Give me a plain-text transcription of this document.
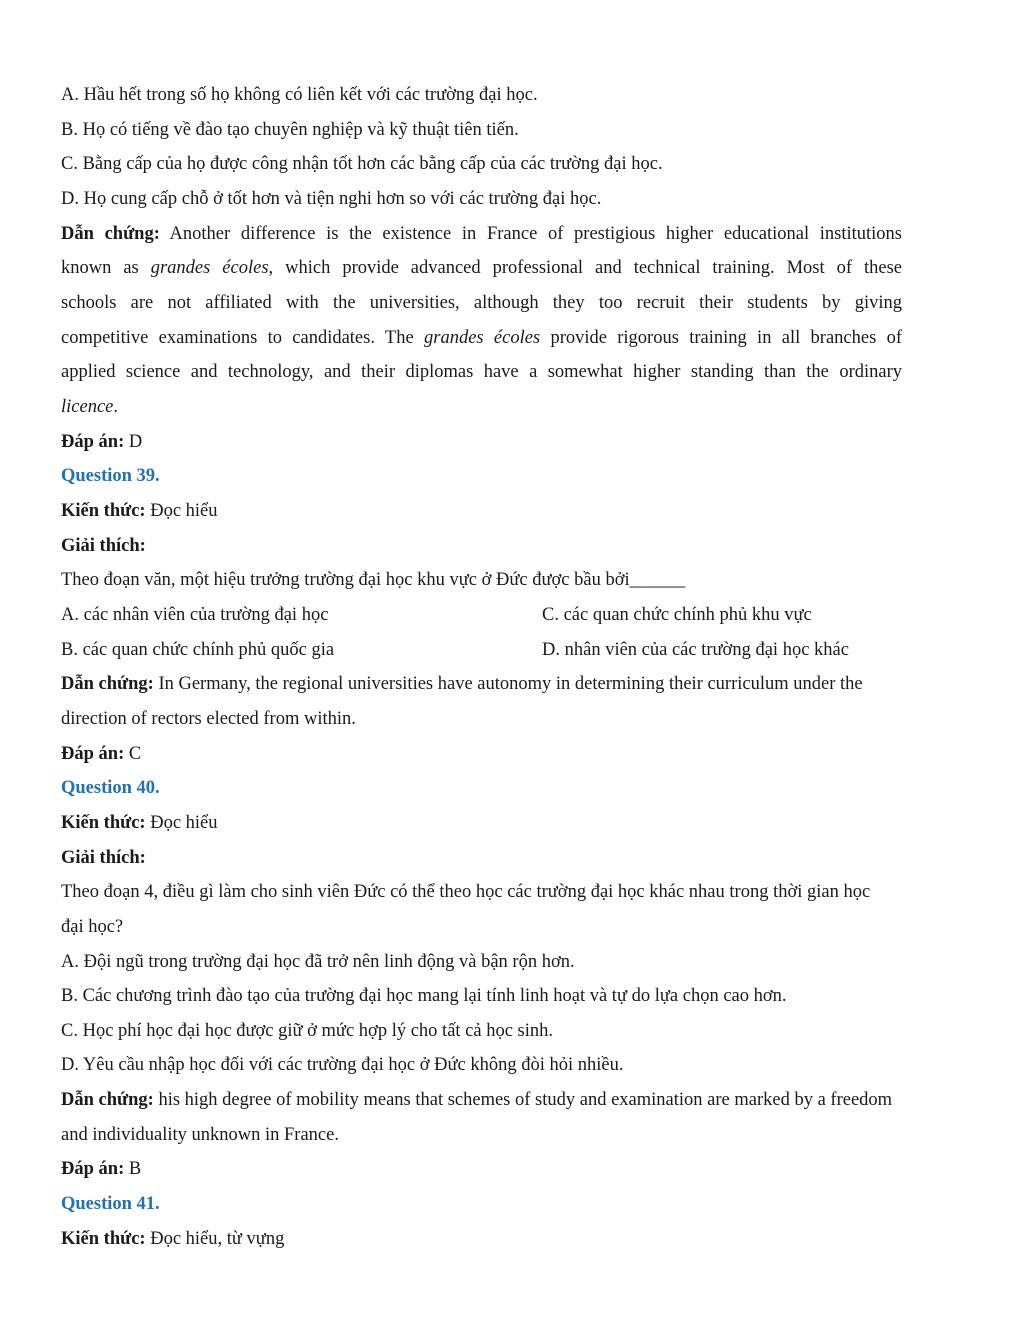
A. Hầu hết trong số họ không có liên kết với các trường đại học.
B. Họ có tiếng về đào tạo chuyên nghiệp và kỹ thuật tiên tiến.
C. Bằng cấp của họ được công nhận tốt hơn các bằng cấp của các trường đại học.
D. Họ cung cấp chỗ ở tốt hơn và tiện nghi hơn so với các trường đại học.
Dẫn chứng: Another difference is the existence in France of prestigious higher educational institutions
known as grandes écoles, which provide advanced professional and technical training. Most of these
schools are not affiliated with the universities, although they too recruit their students by giving
competitive examinations to candidates. The grandes écoles provide rigorous training in all branches of
applied science and technology, and their diplomas have a somewhat higher standing than the ordinary
licence.
Đáp án: D
Question 39.
Kiến thức: Đọc hiểu
Giải thích:
Theo đoạn văn, một hiệu trưởng trường đại học khu vực ở Đức được bầu bởi______
A. các nhân viên của trường đại học	C. các quan chức chính phủ khu vực
B. các quan chức chính phủ quốc gia	D. nhân viên của các trường đại học khác
Dẫn chứng: In Germany, the regional universities have autonomy in determining their curriculum under the
direction of rectors elected from within.
Đáp án: C
Question 40.
Kiến thức: Đọc hiểu
Giải thích:
Theo đoạn 4, điều gì làm cho sinh viên Đức có thể theo học các trường đại học khác nhau trong thời gian học
đại học?
A. Đội ngũ trong trường đại học đã trở nên linh động và bận rộn hơn.
B. Các chương trình đào tạo của trường đại học mang lại tính linh hoạt và tự do lựa chọn cao hơn.
C. Học phí học đại học được giữ ở mức hợp lý cho tất cả học sinh.
D. Yêu cầu nhập học đối với các trường đại học ở Đức không đòi hỏi nhiều.
Dẫn chứng: his high degree of mobility means that schemes of study and examination are marked by a freedom
and individuality unknown in France.
Đáp án: B
Question 41.
Kiến thức: Đọc hiểu, từ vựng
